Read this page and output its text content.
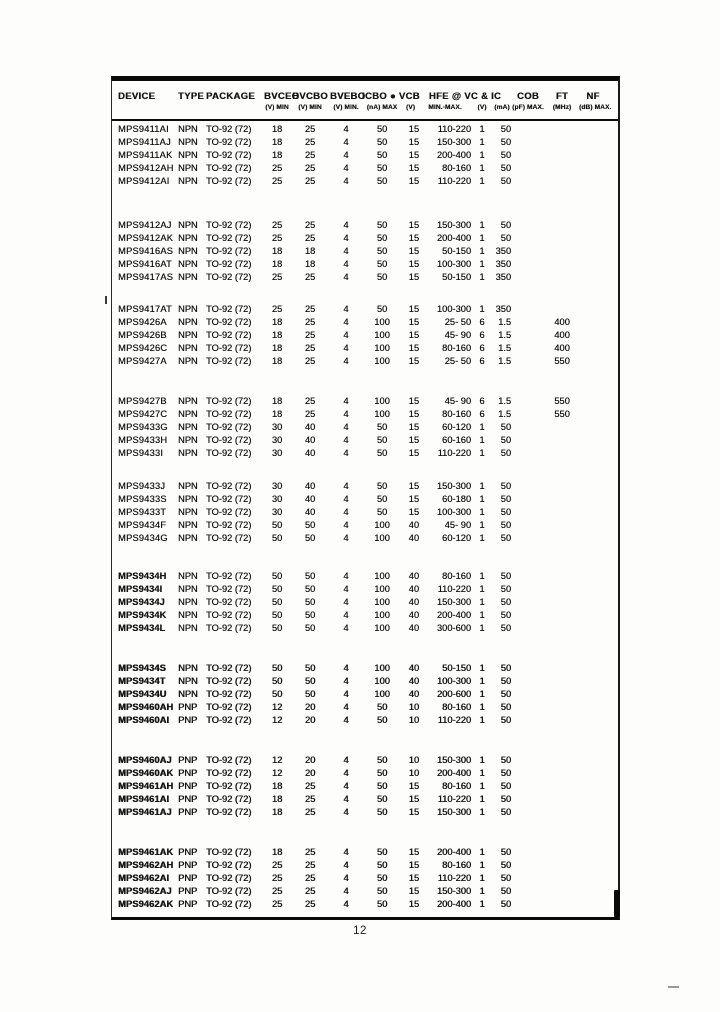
DEVICE	TYPE PACKAGE BVCEO
BVCBO BVEBO
ICBO ● VCB HFE @ VC & IC	COB	FT	NF
(V) MIN	(V) MIN	(V) MIN.	(nA) MAX	(V)	MIN.-MAX.	(V)	(mA) (pF) MAX.	(MHz)	(dB) MAX.
MPS9411AI NPN TO-92 (72)	18	25	4	50	15	110-220 1	50
MPS9411AJ NPN TO-92 (72)	18	25	4	50	15	150-300 1	50
MPS9411AK NPN TO-92 (72)	18	25	4	50	15	200-400 1	50
MPS9412AH NPN TO-92 (72)	25	25	4	50	15	80-160 1	50
MPS9412AI NPN TO-92 (72)	25	25	4	50	15	110-220 1	50
MPS9412AJ NPN TO-92 (72)	25	25	4	50	15	150-300 1	50
MPS9412AK NPN TO-92 (72)	25	25	4	50	15	200-400 1	50
MPS9416AS NPN TO-92 (72)	18	18	4	50	15	50-150 1	350
MPS9416AT NPN TO-92 (72)	18	18	4	50	15	100-300 1	350
MPS9417AS NPN TO-92 (72)	25	25	4	50	15	50-150 1	350
MPS9417AT NPN TO-92 (72)	25	25	4	50	15	100-300 1	350
MPS9426A	NPN TO-92 (72)	18	25	4	100	15	25- 50 6	1.5	400
MPS9426B	NPN TO-92 (72)	18	25	4	100	15	45- 90 6	1.5	400
MPS9426C	NPN TO-92 (72)	18	25	4	100	15	80-160 6	1.5	400
MPS9427A	NPN TO-92 (72)	18	25	4	100	15	25- 50 6	1.5	550
MPS9427B	NPN TO-92 (72)	18	25	4	100	15	45- 90 6	1.5	550
MPS9427C	NPN TO-92 (72)	18	25	4	100	15	80-160 6	1.5	550
MPS9433G	NPN TO-92 (72)	30	40	4	50	15	60-120 1	50
MPS9433H	NPN TO-92 (72)	30	40	4	50	15	60-160 1	50
MPS9433I	NPN TO-92 (72)	30	40	4	50	15	110-220 1	50
MPS9433J	NPN TO-92 (72)	30	40	4	50	15	150-300 1	50
MPS9433S	NPN TO-92 (72)	30	40	4	50	15	60-180 1	50
MPS9433T	NPN TO-92 (72)	30	40	4	50	15	100-300 1	50
MPS9434F	NPN TO-92 (72)	50	50	4	100	40	45- 90 1	50
MPS9434G	NPN TO-92 (72)	50	50	4	100	40	60-120 1	50
MPS9434H	NPN TO-92 (72)	50	50	4	100	40	80-160 1	50
MPS9434I	NPN TO-92 (72)	50	50	4	100	40	110-220 1	50
MPS9434J	NPN TO-92 (72)	50	50	4	100	40	150-300 1	50
MPS9434K	NPN TO-92 (72)	50	50	4	100	40	200-400 1	50
MPS9434L	NPN TO-92 (72)	50	50	4	100	40	300-600 1	50
MPS9434S	NPN TO-92 (72)	50	50	4	100	40	50-150 1	50
MPS9434T	NPN TO-92 (72)	50	50	4	100	40	100-300 1	50
MPS9434U	NPN TO-92 (72)	50	50	4	100	40	200-600 1	50
MPS9460AH PNP TO-92 (72)	12	20	4	50	10	80-160 1	50
MPS9460AI PNP TO-92 (72)	12	20	4	50	10	110-220 1	50
MPS9460AJ PNP TO-92 (72)	12	20	4	50	10	150-300 1	50
MPS9460AK PNP TO-92 (72)	12	20	4	50	10	200-400 1	50
MPS9461AH PNP TO-92 (72)	18	25	4	50	15	80-160 1	50
MPS9461AI PNP TO-92 (72)	18	25	4	50	15	110-220 1	50
MPS9461AJ PNP TO-92 (72)	18	25	4	50	15	150-300 1	50
MPS9461AK PNP TO-92 (72)	18	25	4	50	15	200-400 1	50
MPS9462AH PNP TO-92 (72)	25	25	4	50	15	80-160 1	50
MPS9462AI PNP TO-92 (72)	25	25	4	50	15	110-220 1	50
MPS9462AJ PNP TO-92 (72)	25	25	4	50	15	150-300 1	50
MPS9462AK PNP TO-92 (72)	25	25	4	50	15	200-400 1	50
12
